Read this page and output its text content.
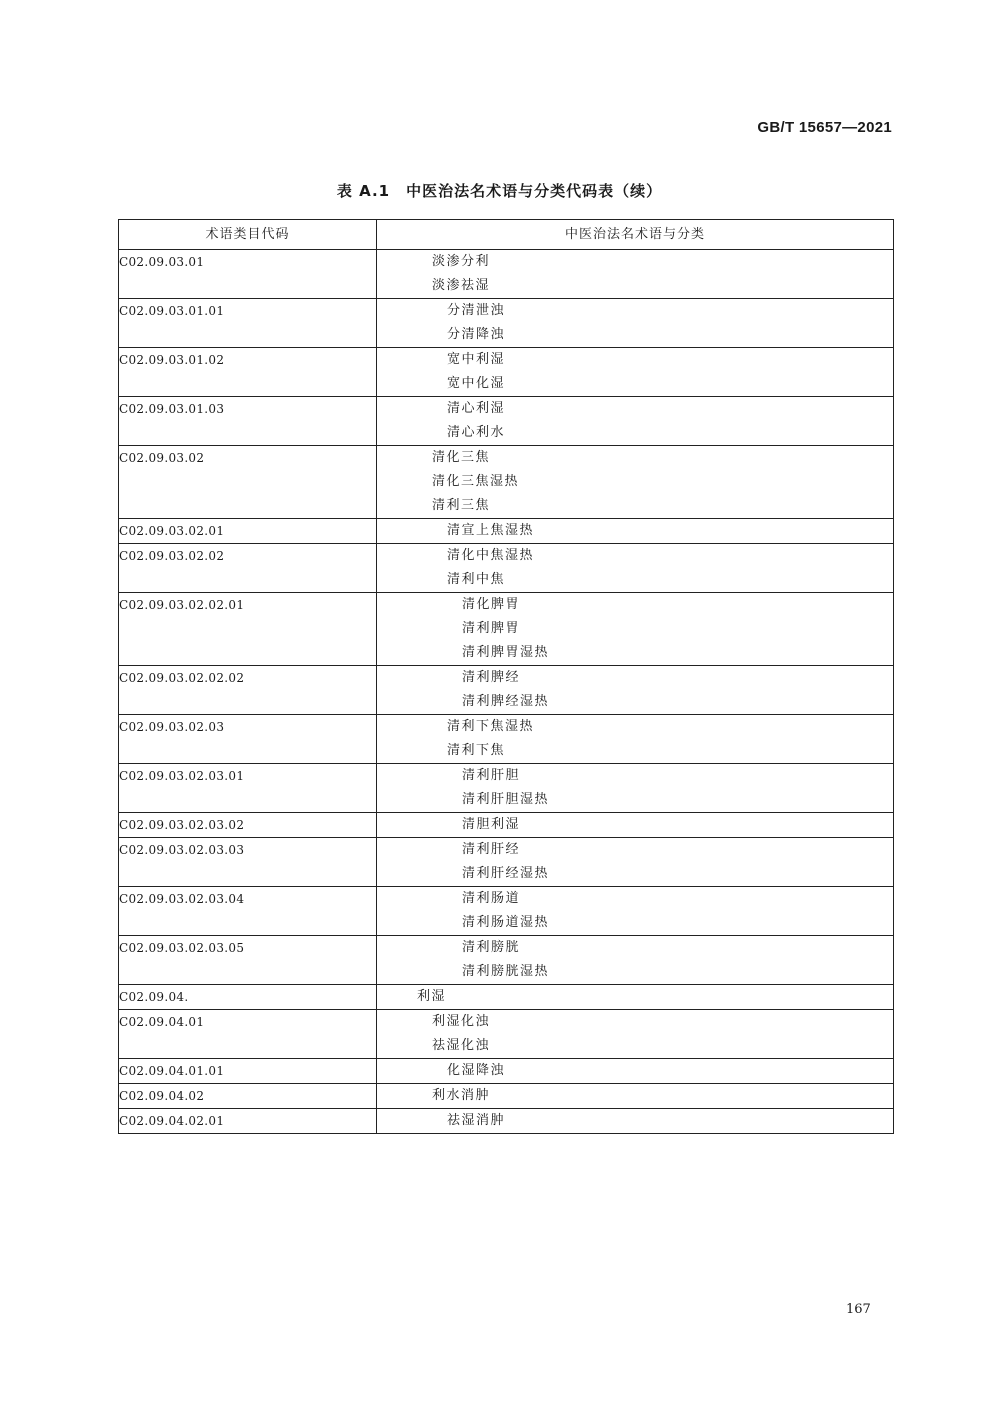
GB/T 15657—2021
表 A.1　中医治法名术语与分类代码表（续）
术语类目代码	中医治法名术语与分类
C02.09.03.01	淡渗分利
淡渗祛湿

C02.09.03.01.01	分清泄浊
分清降浊

C02.09.03.01.02	宽中利湿
宽中化湿

C02.09.03.01.03	清心利湿
清心利水

C02.09.03.02	清化三焦
清化三焦湿热
清利三焦

C02.09.03.02.01	清宣上焦湿热

C02.09.03.02.02	清化中焦湿热
清利中焦

C02.09.03.02.02.01	清化脾胃
清利脾胃
清利脾胃湿热

C02.09.03.02.02.02	清利脾经
清利脾经湿热

C02.09.03.02.03	清利下焦湿热
清利下焦

C02.09.03.02.03.01	清利肝胆
清利肝胆湿热

C02.09.03.02.03.02	清胆利湿

C02.09.03.02.03.03	清利肝经
清利肝经湿热

C02.09.03.02.03.04	清利肠道
清利肠道湿热

C02.09.03.02.03.05	清利膀胱
清利膀胱湿热

C02.09.04.	利湿

C02.09.04.01	利湿化浊
祛湿化浊

C02.09.04.01.01	化湿降浊

C02.09.04.02	利水消肿

C02.09.04.02.01	祛湿消肿
167
